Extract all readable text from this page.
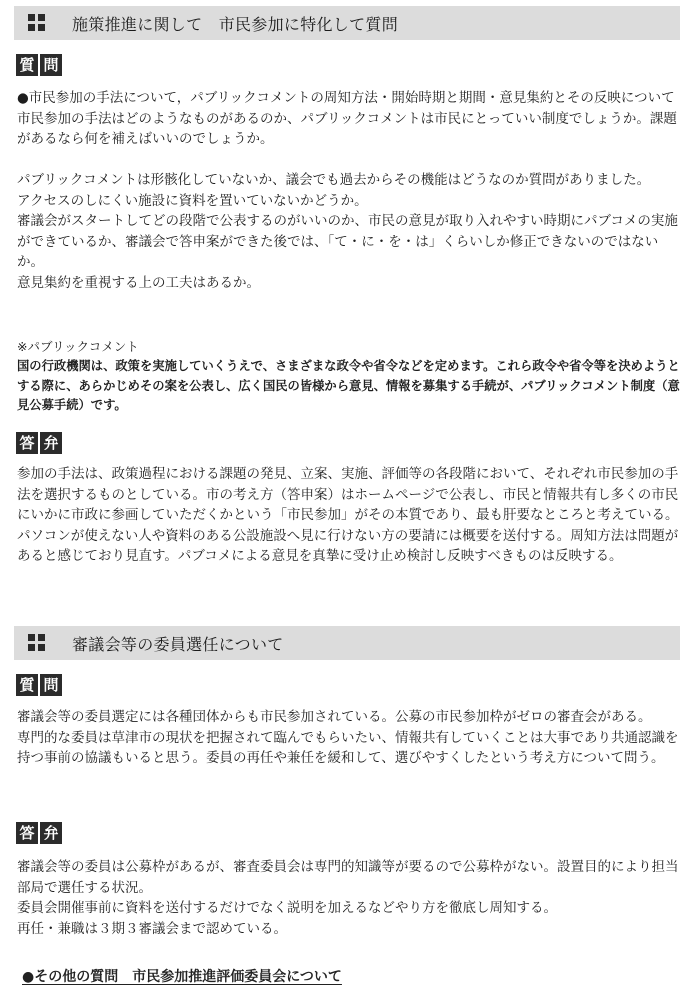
施策推進に関して　市民参加に特化して質問
質 問

●市民参加の手法について，パブリックコメントの周知方法・開始時期と期間・意見集約とその反映について

市民参加の手法はどのようなものがあるのか、パブリックコメントは市民にとっていい制度でしょうか。課題があるなら何を補えばいいのでしょうか。

パブリックコメントは形骸化していないか、議会でも過去からその機能はどうなのか質問がありました。

アクセスのしにくい施設に資料を置いていないかどうか。

審議会がスタートしてどの段階で公表するのがいいのか、市民の意見が取り入れやすい時期にパブコメの実施ができているか、審議会で答申案ができた後では、「て・に・を・は」くらいしか修正できないのではないか。

意見集約を重視する上の工夫はあるか。

※パブリックコメント

国の行政機関は、政策を実施していくうえで、さまざまな政令や省令などを定めます。これら政令や省令等を決めようとする際に、あらかじめその案を公表し、広く国民の皆様から意見、情報を募集する手続が、パブリックコメント制度（意見公募手続）です。

答 弁

参加の手法は、政策過程における課題の発見、立案、実施、評価等の各段階において、それぞれ市民参加の手法を選択するものとしている。市の考え方（答申案）はホームページで公表し、市民と情報共有し多くの市民にいかに市政に参画していただくかという「市民参加」がその本質であり、最も肝要なところと考えている。

パソコンが使えない人や資料のある公設施設へ見に行けない方の要請には概要を送付する。周知方法は問題があると感じており見直す。パブコメによる意見を真摯に受け止め検討し反映すべきものは反映する。

審議会等の委員選任について
質 問

審議会等の委員選定には各種団体からも市民参加されている。公募の市民参加枠がゼロの審査会がある。

専門的な委員は草津市の現状を把握されて臨んでもらいたい、情報共有していくことは大事であり共通認識を持つ事前の協議もいると思う。委員の再任や兼任を緩和して、選びやすくしたという考え方について問う。

答 弁

審議会等の委員は公募枠があるが、審査委員会は専門的知識等が要るので公募枠がない。設置目的により担当部局で選任する状況。

委員会開催事前に資料を送付するだけでなく説明を加えるなどやり方を徹底し周知する。

再任・兼職は３期３審議会まで認めている。

●その他の質問　市民参加推進評価委員会について
